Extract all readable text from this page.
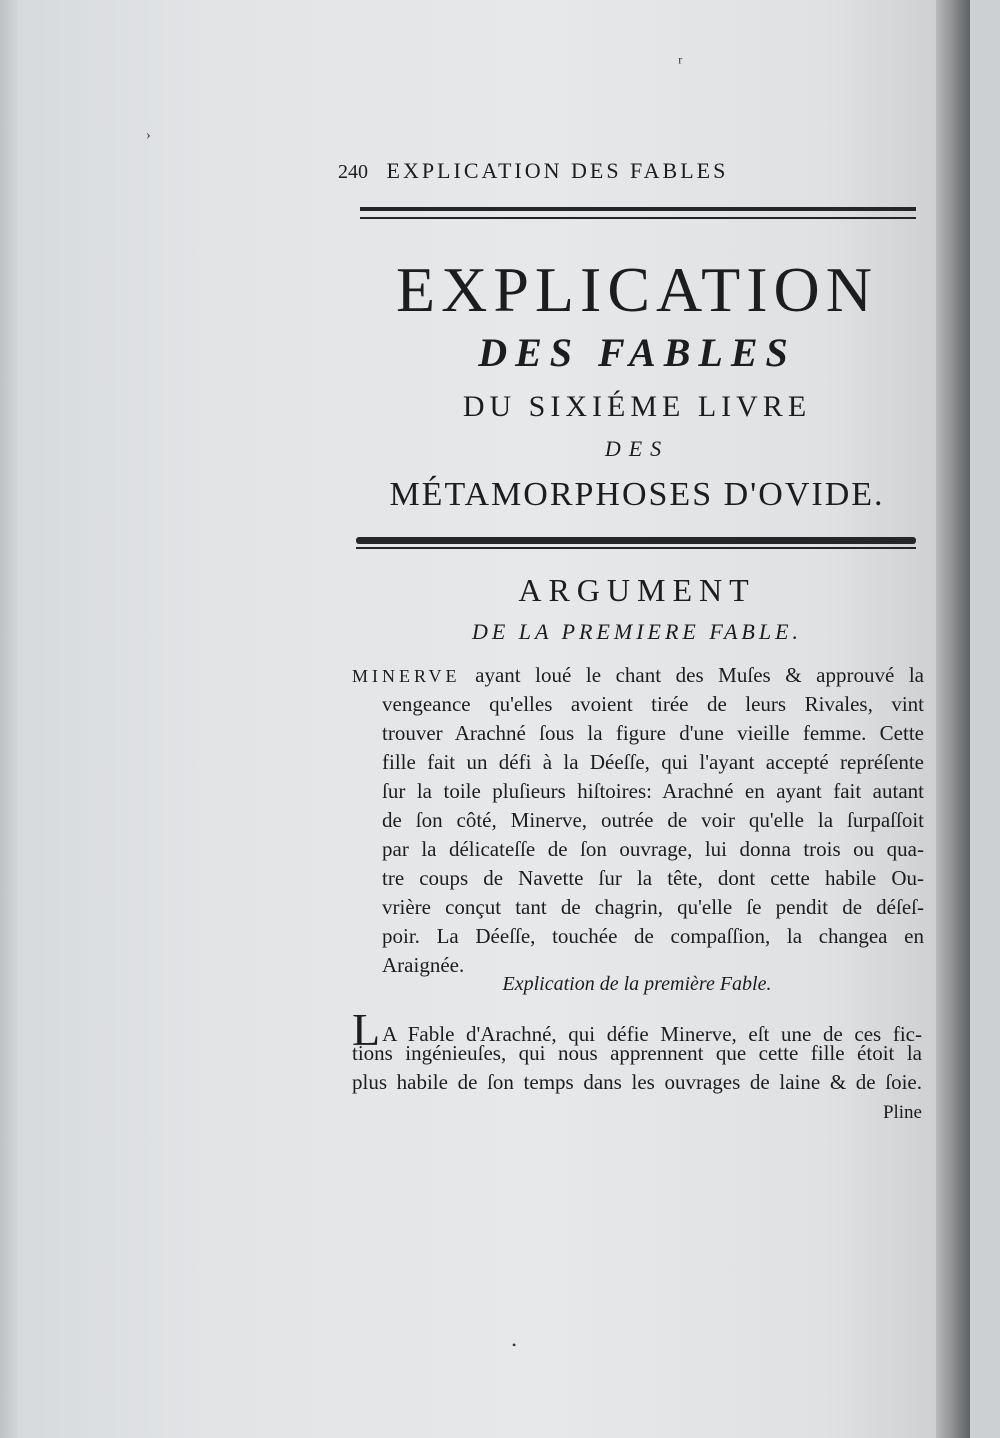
ʳ
›
240 EXPLICATION DES FABLES
EXPLICATION
DES FABLES
DU SIXIÉME LIVRE
DES
MÉTAMORPHOSES D'OVIDE.
ARGUMENT
DE LA PREMIERE FABLE.
MINERVE ayant loué le chant des Muſes & approuvé la
vengeance qu'elles avoient tirée de leurs Rivales, vint
trouver Arachné ſous la figure d'une vieille femme. Cette
fille fait un défi à la Déeſſe, qui l'ayant accepté repréſente
ſur la toile pluſieurs hiſtoires: Arachné en ayant fait autant
de ſon côté, Minerve, outrée de voir qu'elle la ſurpaſſoit
par la délicateſſe de ſon ouvrage, lui donna trois ou qua-
tre coups de Navette ſur la tête, dont cette habile Ou-
vrière conçut tant de chagrin, qu'elle ſe pendit de déſeſ-
poir. La Déeſſe, touchée de compaſſion, la changea en
Araignée.
Explication de la première Fable.
LA Fable d'Arachné, qui défie Minerve, eſt une de ces fic-
tions ingénieuſes, qui nous apprennent que cette fille étoit la
plus habile de ſon temps dans les ouvrages de laine & de ſoie.
Pline
•
